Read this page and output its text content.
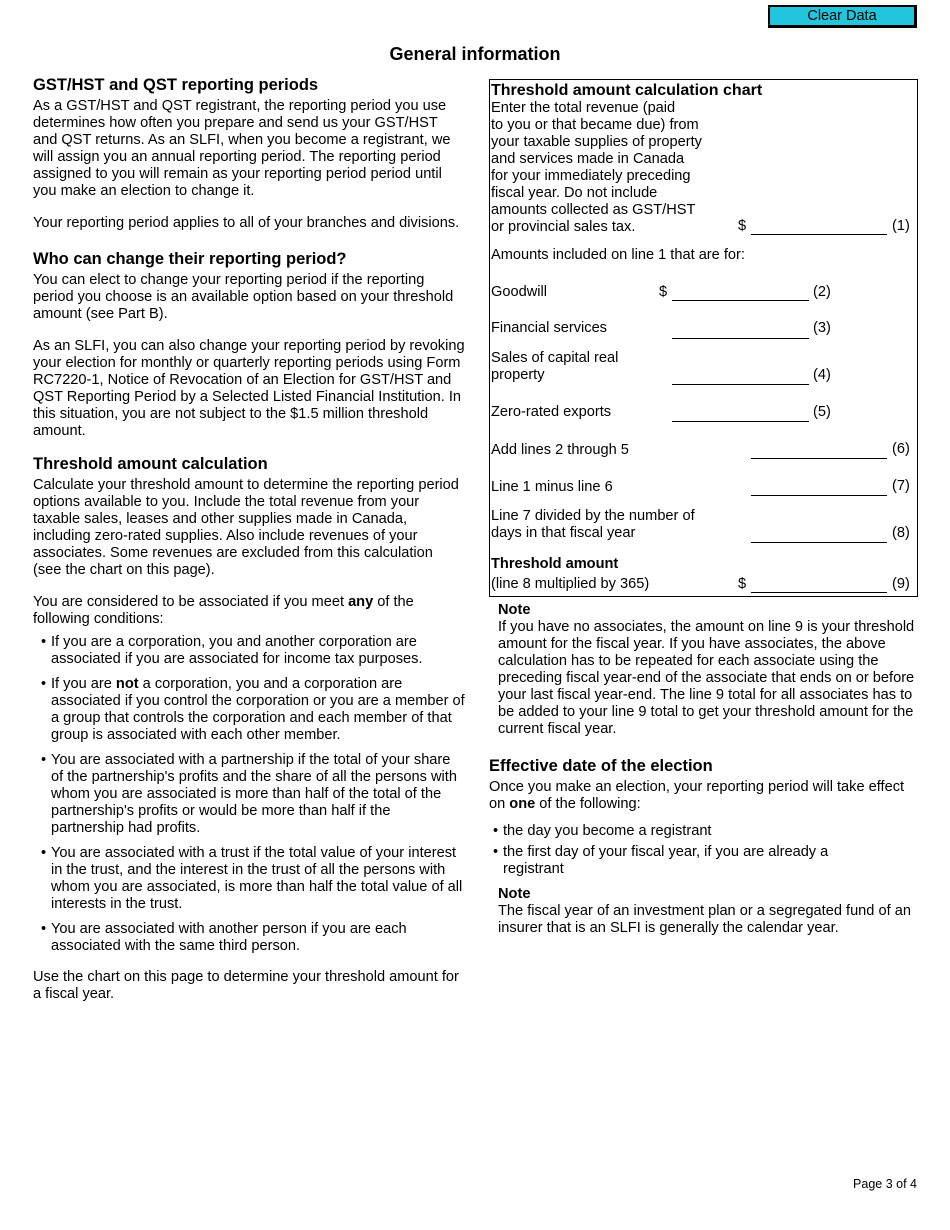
Clear Data
General information
GST/HST and QST reporting periods

As a GST/HST and QST registrant, the reporting period you use determines how often you prepare and send us your GST/HST and QST returns. As an SLFI, when you become a registrant, we will assign you an annual reporting period. The reporting period assigned to you will remain as your reporting period period until you make an election to change it.

Your reporting period applies to all of your branches and divisions.

Who can change their reporting period?

You can elect to change your reporting period if the reporting period you choose is an available option based on your threshold amount (see Part B).

As an SLFI, you can also change your reporting period by revoking your election for monthly or quarterly reporting periods using Form RC7220-1, Notice of Revocation of an Election for GST/HST and QST Reporting Period by a Selected Listed Financial Institution. In this situation, you are not subject to the $1.5 million threshold amount.

Threshold amount calculation

Calculate your threshold amount to determine the reporting period options available to you. Include the total revenue from your taxable sales, leases and other supplies made in Canada, including zero-rated supplies. Also include revenues of your associates. Some revenues are excluded from this calculation (see the chart on this page).

You are considered to be associated if you meet any of the following conditions:

• If you are a corporation, you and another corporation are associated if you are associated for income tax purposes.
• If you are not a corporation, you and a corporation are associated if you control the corporation or you are a member of a group that controls the corporation and each member of that group is associated with each other member.
• You are associated with a partnership if the total of your share of the partnership's profits and the share of all the persons with whom you are associated is more than half of the total of the partnership's profits or would be more than half if the partnership had profits.
• You are associated with a trust if the total value of your interest in the trust, and the interest in the trust of all the persons with whom you are associated, is more than half the total value of all interests in the trust.
• You are associated with another person if you are each associated with the same third person.

Use the chart on this page to determine your threshold amount for a fiscal year.

Threshold amount calculation chart
Enter the total revenue (paid
to you or that became due) from
your taxable supplies of property
and services made in Canada
for your immediately preceding
fiscal year. Do not include
amounts collected as GST/HST
or provincial sales tax.	$	(1)
Amounts included on line 1 that are for:
Goodwill	$	(2)
Financial services	(3)
Sales of capital real
property	(4)
Zero-rated exports	(5)
Add lines 2 through 5	(6)
Line 1 minus line 6	(7)
Line 7 divided by the number of
days in that fiscal year	(8)
Threshold amount
(line 8 multiplied by 365)	$	(9)
Note
If you have no associates, the amount on line 9 is your threshold amount for the fiscal year. If you have associates, the above calculation has to be repeated for each associate using the preceding fiscal year-end of the associate that ends on or before your last fiscal year-end. The line 9 total for all associates has to be added to your line 9 total to get your threshold amount for the current fiscal year.
Effective date of the election

Once you make an election, your reporting period will take effect on one of the following:

• the day you become a registrant
• the first day of your fiscal year, if you are already a registrant
Note
The fiscal year of an investment plan or a segregated fund of an insurer that is an SLFI is generally the calendar year.
Page 3 of 4
